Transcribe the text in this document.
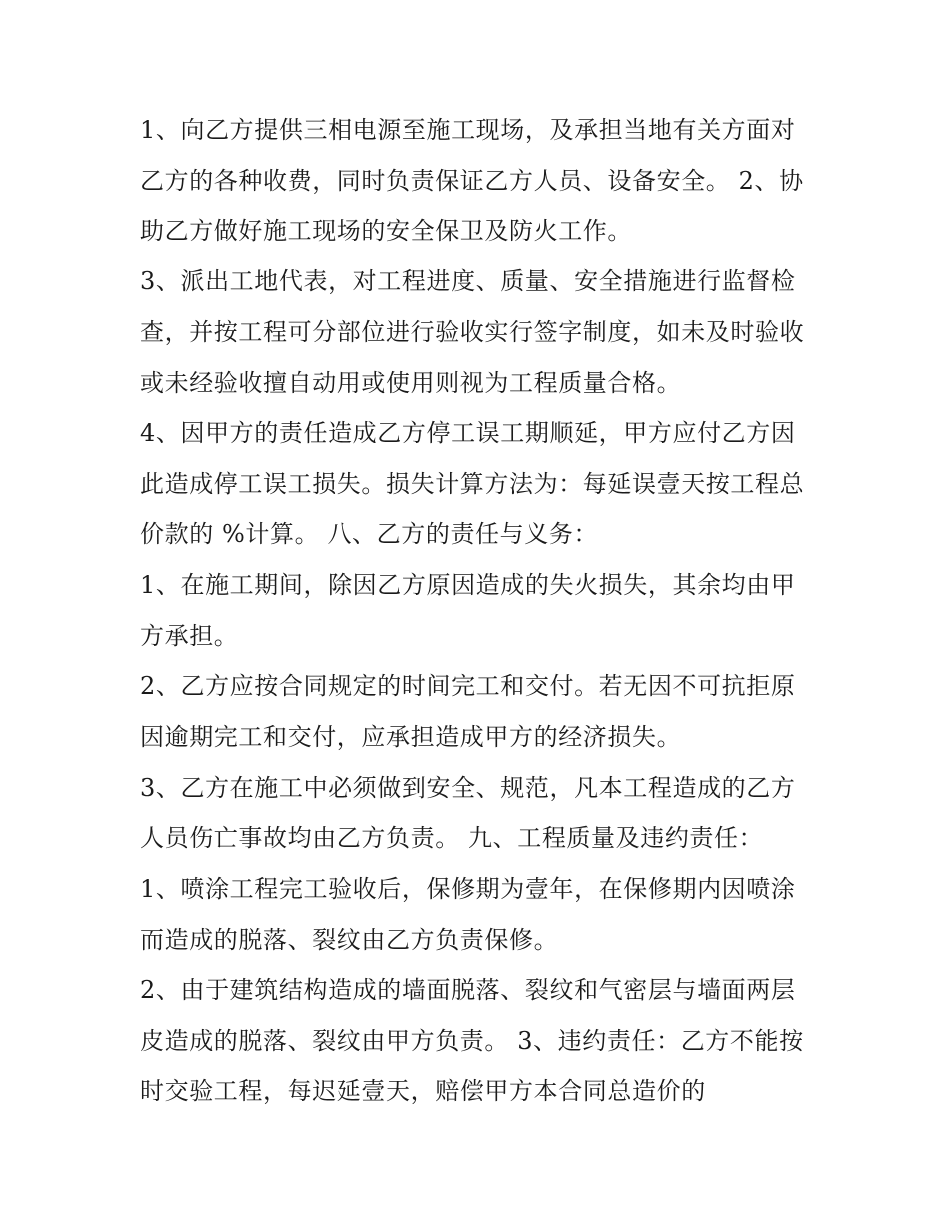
1、向乙方提供三相电源至施工现场，及承担当地有关方面对
乙方的各种收费，同时负责保证乙方人员、设备安全。 2、协
助乙方做好施工现场的安全保卫及防火工作。
3、派出工地代表，对工程进度、质量、安全措施进行监督检
查，并按工程可分部位进行验收实行签字制度，如未及时验收
或未经验收擅自动用或使用则视为工程质量合格。
4、因甲方的责任造成乙方停工误工期顺延，甲方应付乙方因
此造成停工误工损失。损失计算方法为：每延误壹天按工程总
价款的 %计算。 八、乙方的责任与义务：
1、在施工期间，除因乙方原因造成的失火损失，其余均由甲
方承担。
2、乙方应按合同规定的时间完工和交付。若无因不可抗拒原
因逾期完工和交付，应承担造成甲方的经济损失。
3、乙方在施工中必须做到安全、规范，凡本工程造成的乙方
人员伤亡事故均由乙方负责。 九、工程质量及违约责任：
1、喷涂工程完工验收后，保修期为壹年，在保修期内因喷涂
而造成的脱落、裂纹由乙方负责保修。
2、由于建筑结构造成的墙面脱落、裂纹和气密层与墙面两层
皮造成的脱落、裂纹由甲方负责。 3、违约责任：乙方不能按
时交验工程，每迟延壹天，赔偿甲方本合同总造价的
